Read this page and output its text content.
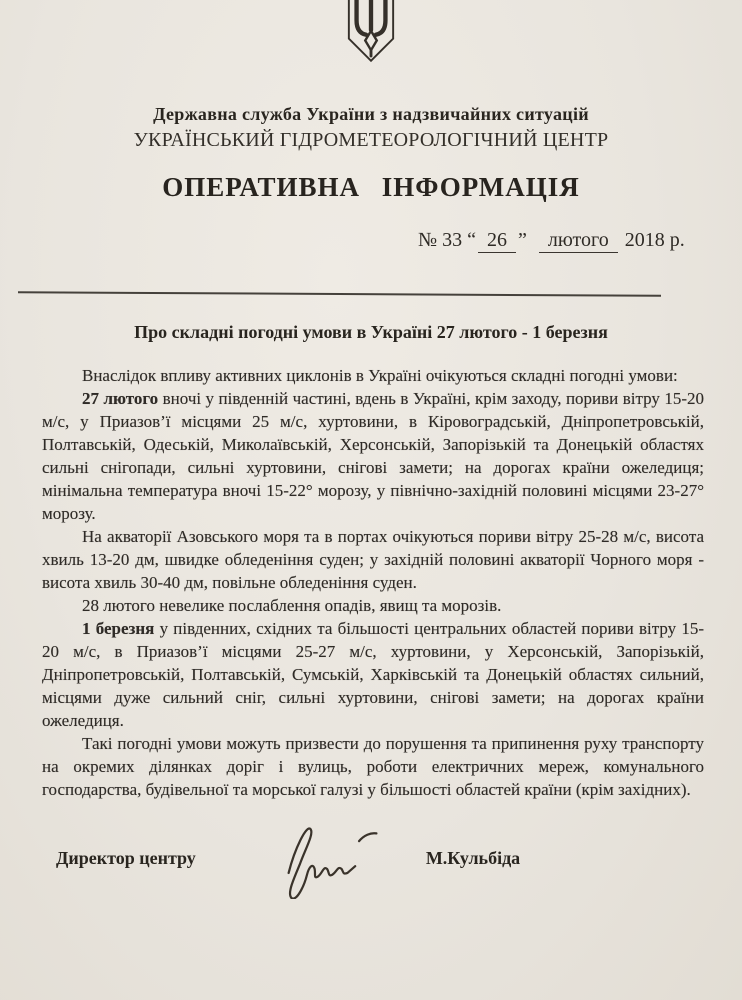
Державна служба України з надзвичайних ситуацій
УКРАЇНСЬКИЙ ГІДРОМЕТЕОРОЛОГІЧНИЙ ЦЕНТР
ОПЕРАТИВНА ІНФОРМАЦІЯ
№ 33 “ 26 ” лютого 2018 р.
Про складні погодні умови в Україні 27 лютого - 1 березня

Внаслідок впливу активних циклонів в Україні очікуються складні погодні умови:

27 лютого вночі у південній частині, вдень в Україні, крім заходу, пориви вітру 15-20 м/с, у Приазов’ї місцями 25 м/с, хуртовини, в Кіровоградській, Дніпропетровській, Полтавській, Одеській, Миколаївській, Херсонській, Запорізькій та Донецькій областях сильні снігопади, сильні хуртовини, снігові замети; на дорогах країни ожеледиця; мінімальна температура вночі 15-22° морозу, у північно-західній половині місцями 23-27° морозу.

На акваторії Азовського моря та в портах очікуються пориви вітру 25-28 м/с, висота хвиль 13-20 дм, швидке обледеніння суден; у західній половині акваторії Чорного моря - висота хвиль 30-40 дм, повільне обледеніння суден.

28 лютого невелике послаблення опадів, явищ та морозів.

1 березня у південних, східних та більшості центральних областей пориви вітру 15-20 м/с, в Приазов’ї місцями 25-27 м/с, хуртовини, у Херсонській, Запорізькій, Дніпропетровській, Полтавській, Сумській, Харківській та Донецькій областях сильний, місцями дуже сильний сніг, сильні хуртовини, снігові замети; на дорогах країни ожеледиця.

Такі погодні умови можуть призвести до порушення та припинення руху транспорту на окремих ділянках доріг і вулиць, роботи електричних мереж, комунального господарства, будівельної та морської галузі у більшості областей країни (крім західних).

Директор центру	М.Кульбіда
